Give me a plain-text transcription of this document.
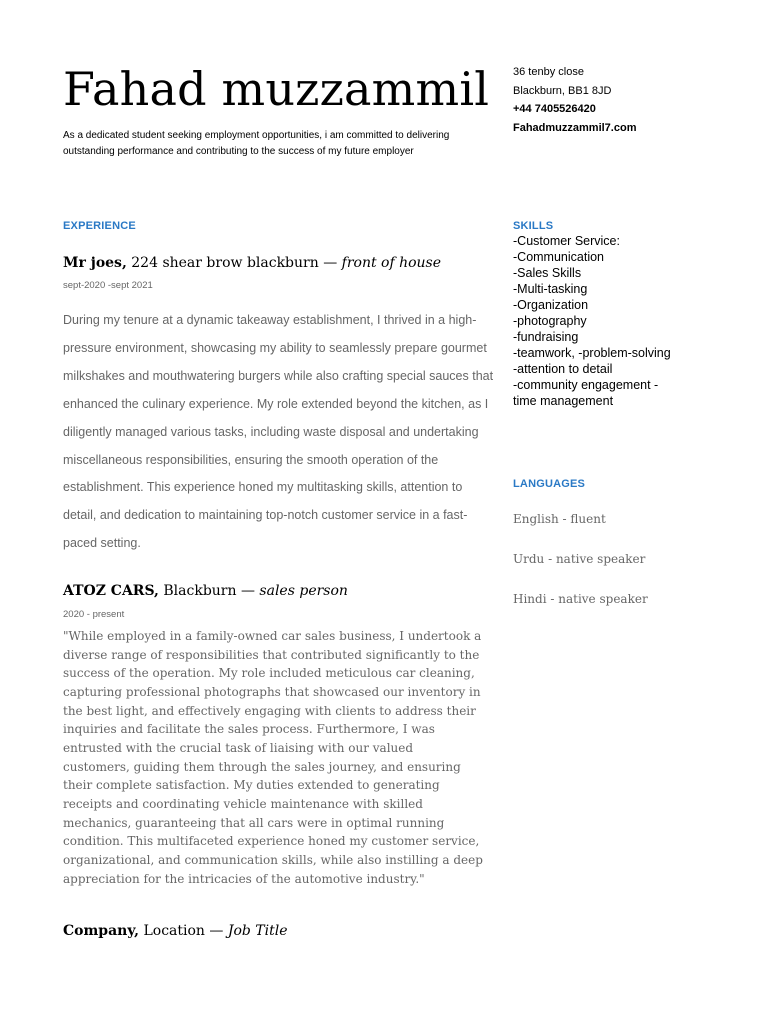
Fahad muzzammil
As a dedicated student seeking employment opportunities, i am committed to delivering outstanding performance and contributing to the success of my future employer
36 tenby close
Blackburn, BB1 8JD
+44 7405526420
Fahadmuzzammil7.com
EXPERIENCE
Mr joes, 224 shear brow blackburn — front of house
sept-2020 -sept 2021
During my tenure at a dynamic takeaway establishment, I thrived in a high-pressure environment, showcasing my ability to seamlessly prepare gourmet milkshakes and mouthwatering burgers while also crafting special sauces that enhanced the culinary experience. My role extended beyond the kitchen, as I diligently managed various tasks, including waste disposal and undertaking miscellaneous responsibilities, ensuring the smooth operation of the establishment. This experience honed my multitasking skills, attention to detail, and dedication to maintaining top-notch customer service in a fast-paced setting.
ATOZ CARS, Blackburn — sales person
2020 - present
"While employed in a family-owned car sales business, I undertook a diverse range of responsibilities that contributed significantly to the success of the operation. My role included meticulous car cleaning, capturing professional photographs that showcased our inventory in the best light, and effectively engaging with clients to address their inquiries and facilitate the sales process. Furthermore, I was entrusted with the crucial task of liaising with our valued customers, guiding them through the sales journey, and ensuring their complete satisfaction. My duties extended to generating receipts and coordinating vehicle maintenance with skilled mechanics, guaranteeing that all cars were in optimal running condition. This multifaceted experience honed my customer service, organizational, and communication skills, while also instilling a deep appreciation for the intricacies of the automotive industry."
Company, Location — Job Title
SKILLS
-Customer Service:
-Communication
-Sales Skills
-Multi-tasking
-Organization
-photography
-fundraising
-teamwork, -problem-solving
-attention to detail
-community engagement -
time management
LANGUAGES
English - fluent
Urdu - native speaker
Hindi - native speaker
